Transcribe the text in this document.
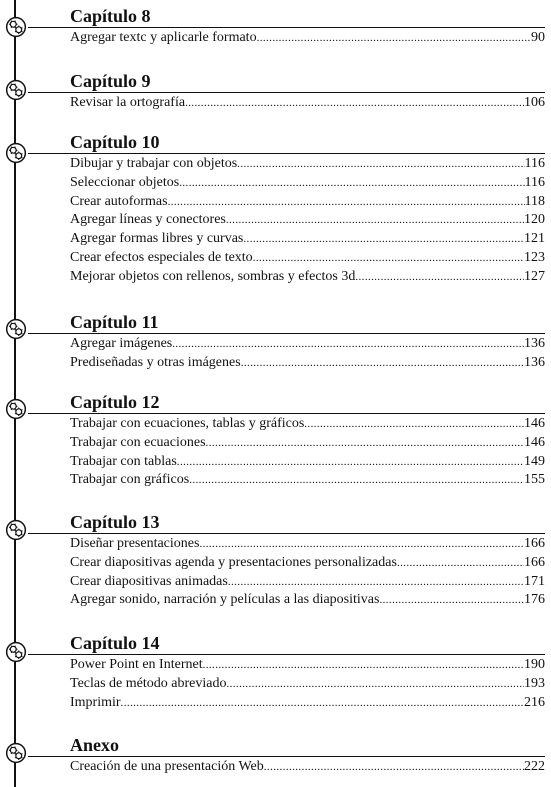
Capítulo 8
Agregar textc y aplicarle formato .....	90
Capítulo 9
Revisar la ortografía .....	106
Capítulo 10
Dibujar y trabajar con objetos .....	116
Seleccionar objetos .....	116
Crear autoformas .....	118
Agregar líneas y conectores .....	120
Agregar formas libres y curvas .....	121
Crear efectos especiales de texto .....	123
Mejorar objetos con rellenos, sombras y efectos 3d .....	127
Capítulo 11
Agregar imágenes .....	136
Prediseñadas y otras imágenes .....	136
Capítulo 12
Trabajar con ecuaciones, tablas y gráficos .....	146
Trabajar con ecuaciones .....	146
Trabajar con tablas .....	149
Trabajar con gráficos .....	155
Capítulo 13
Diseñar presentaciones .....	166
Crear diapositivas agenda y presentaciones personalizadas .....	166
Crear diapositivas animadas .....	171
Agregar sonido, narración y películas a las diapositivas .....	176
Capítulo 14
Power Point en Internet .....	190
Teclas de método abreviado .....	193
Imprimir .....	216
Anexo
Creación de una presentación Web .....	222
